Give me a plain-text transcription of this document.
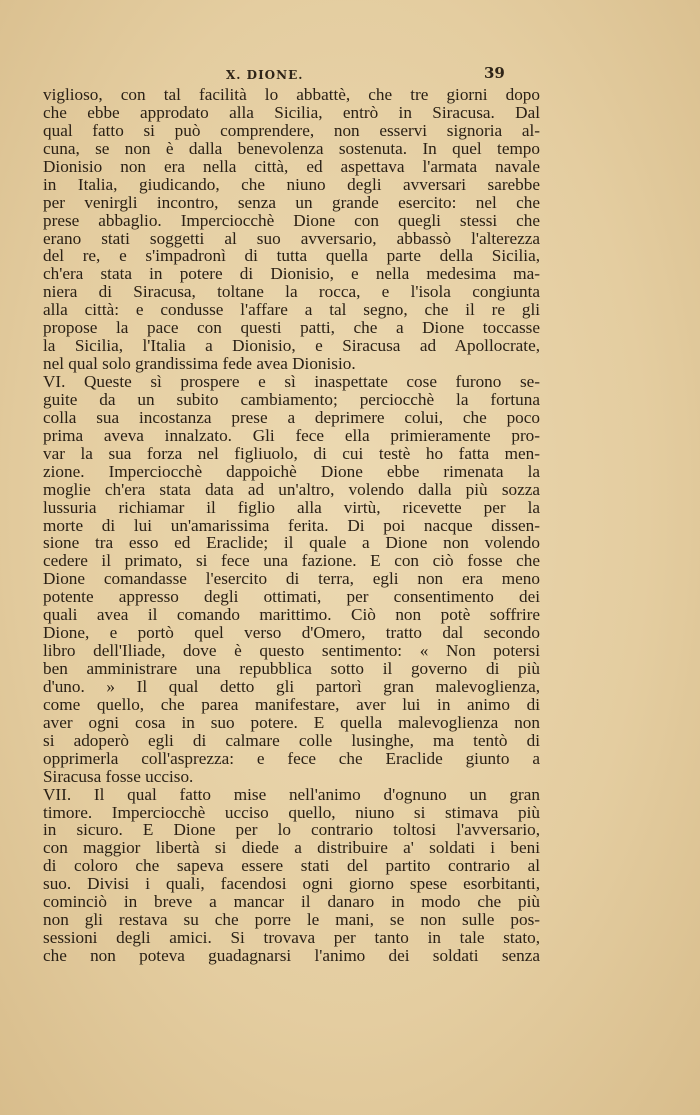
X. DIONE.	39
viglioso, con tal facilità lo abbattè, che tre giorni dopo
che ebbe approdato alla Sicilia, entrò in Siracusa. Dal
qual fatto si può comprendere, non esservi signoria al-
cuna, se non è dalla benevolenza sostenuta. In quel tempo
Dionisio non era nella città, ed aspettava l'armata navale
in Italia, giudicando, che niuno degli avversari sarebbe
per venirgli incontro, senza un grande esercito: nel che
prese abbaglio. Imperciocchè Dione con quegli stessi che
erano stati soggetti al suo avversario, abbassò l'alterezza
del re, e s'impadronì di tutta quella parte della Sicilia,
ch'era stata in potere di Dionisio, e nella medesima ma-
niera di Siracusa, toltane la rocca, e l'isola congiunta
alla città: e condusse l'affare a tal segno, che il re gli
propose la pace con questi patti, che a Dione toccasse
la Sicilia, l'Italia a Dionisio, e Siracusa ad Apollocrate,
nel qual solo grandissima fede avea Dionisio.
VI. Queste sì prospere e sì inaspettate cose furono se-
guite da un subito cambiamento; perciocchè la fortuna
colla sua incostanza prese a deprimere colui, che poco
prima aveva innalzato. Gli fece ella primieramente pro-
var la sua forza nel figliuolo, di cui testè ho fatta men-
zione. Imperciocchè dappoichè Dione ebbe rimenata la
moglie ch'era stata data ad un'altro, volendo dalla più sozza
lussuria richiamar il figlio alla virtù, ricevette per la
morte di lui un'amarissima ferita. Di poi nacque dissen-
sione tra esso ed Eraclide; il quale a Dione non volendo
cedere il primato, si fece una fazione. E con ciò fosse che
Dione comandasse l'esercito di terra, egli non era meno
potente appresso degli ottimati, per consentimento dei
quali avea il comando marittimo. Ciò non potè soffrire
Dione, e portò quel verso d'Omero, tratto dal secondo
libro dell'Iliade, dove è questo sentimento: « Non potersi
ben amministrare una repubblica sotto il governo di più
d'uno. » Il qual detto gli partorì gran malevoglienza,
come quello, che parea manifestare, aver lui in animo di
aver ogni cosa in suo potere. E quella malevoglienza non
si adoperò egli di calmare colle lusinghe, ma tentò di
opprimerla coll'asprezza: e fece che Eraclide giunto a
Siracusa fosse ucciso.
VII. Il qual fatto mise nell'animo d'ognuno un gran
timore. Imperciocchè ucciso quello, niuno si stimava più
in sicuro. E Dione per lo contrario toltosi l'avversario,
con maggior libertà si diede a distribuire a' soldati i beni
di coloro che sapeva essere stati del partito contrario al
suo. Divisi i quali, facendosi ogni giorno spese esorbitanti,
cominciò in breve a mancar il danaro in modo che più
non gli restava su che porre le mani, se non sulle pos-
sessioni degli amici. Si trovava per tanto in tale stato,
che non poteva guadagnarsi l'animo dei soldati senza
